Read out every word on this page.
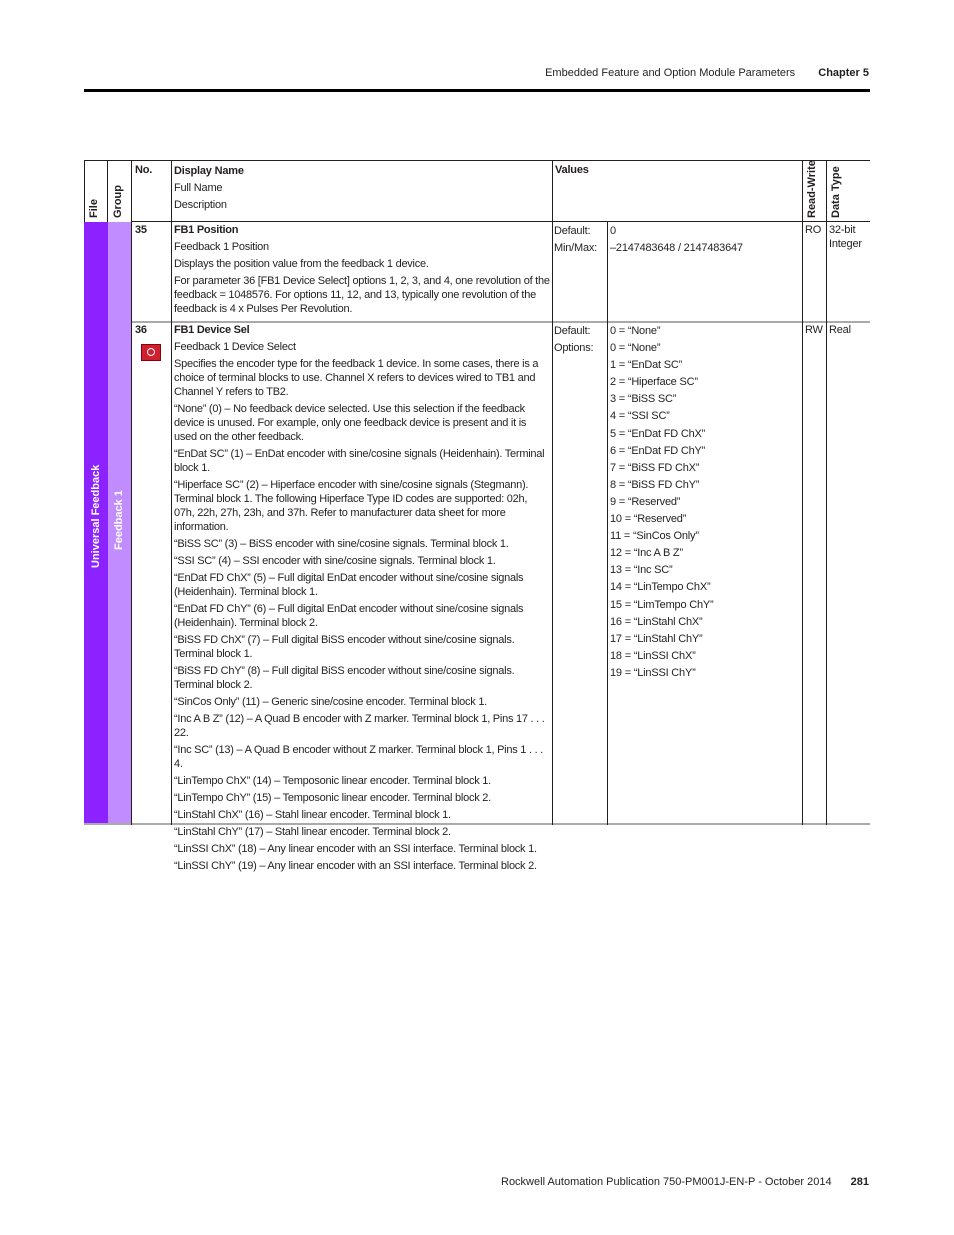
Embedded Feature and Option Module Parameters Chapter 5
File Group	Read-Write Data Type
No. Display Name
Full Name
Description
Values
Universal Feedback Feedback 1
35 FB1 Position
Feedback 1 Position
Displays the position value from the feedback 1 device.
For parameter 36 [FB1 Device Select] options 1, 2, 3, and 4, one revolution of the feedback = 1048576. For options 11, 12, and 13, typically one revolution of the feedback is 4 x Pulses Per Revolution.
Default:
Min/Max:
0
–2147483648 / 2147483647
RO 32-bit Integer
36 FB1 Device Sel
Feedback 1 Device Select
Specifies the encoder type for the feedback 1 device. In some cases, there is a choice of terminal blocks to use. Channel X refers to devices wired to TB1 and Channel Y refers to TB2.
“None” (0) – No feedback device selected. Use this selection if the feedback device is unused. For example, only one feedback device is present and it is used on the other feedback.
“EnDat SC” (1) – EnDat encoder with sine/cosine signals (Heidenhain). Terminal block 1.
“Hiperface SC” (2) – Hiperface encoder with sine/cosine signals (Stegmann). Terminal block 1. The following Hiperface Type ID codes are supported: 02h, 07h, 22h, 27h, 23h, and 37h. Refer to manufacturer data sheet for more information.
“BiSS SC” (3) – BiSS encoder with sine/cosine signals. Terminal block 1.
“SSI SC” (4) – SSI encoder with sine/cosine signals. Terminal block 1.
“EnDat FD ChX” (5) – Full digital EnDat encoder without sine/cosine signals (Heidenhain). Terminal block 1.
“EnDat FD ChY” (6) – Full digital EnDat encoder without sine/cosine signals (Heidenhain). Terminal block 2.
“BiSS FD ChX” (7) – Full digital BiSS encoder without sine/cosine signals. Terminal block 1.
“BiSS FD ChY” (8) – Full digital BiSS encoder without sine/cosine signals. Terminal block 2.
“SinCos Only” (11) – Generic sine/cosine encoder. Terminal block 1.
“Inc A B Z” (12) – A Quad B encoder with Z marker. Terminal block 1, Pins 17 . . . 22.
“Inc SC” (13) – A Quad B encoder without Z marker. Terminal block 1, Pins 1 . . . 4.
“LinTempo ChX” (14) – Temposonic linear encoder. Terminal block 1.
“LinTempo ChY” (15) – Temposonic linear encoder. Terminal block 2.
“LinStahl ChX” (16) – Stahl linear encoder. Terminal block 1.
“LinStahl ChY” (17) – Stahl linear encoder. Terminal block 2.
“LinSSI ChX” (18) – Any linear encoder with an SSI interface. Terminal block 1.
“LinSSI ChY” (19) – Any linear encoder with an SSI interface. Terminal block 2.
Default:
Options:
0 = “None”
0 = “None”
1 = “EnDat SC”
2 = “Hiperface SC”
3 = “BiSS SC”
4 = “SSI SC”
5 = “EnDat FD ChX”
6 = “EnDat FD ChY”
7 = “BiSS FD ChX”
8 = “BiSS FD ChY”
9 = “Reserved”
10 = “Reserved”
11 = “SinCos Only”
12 = “Inc A B Z”
13 = “Inc SC”
14 = “LinTempo ChX”
15 = “LimTempo ChY”
16 = “LinStahl ChX”
17 = “LinStahl ChY”
18 = “LinSSI ChX”
19 = “LinSSI ChY”
RW Real
Rockwell Automation Publication 750-PM001J-EN-P - October 2014 281
